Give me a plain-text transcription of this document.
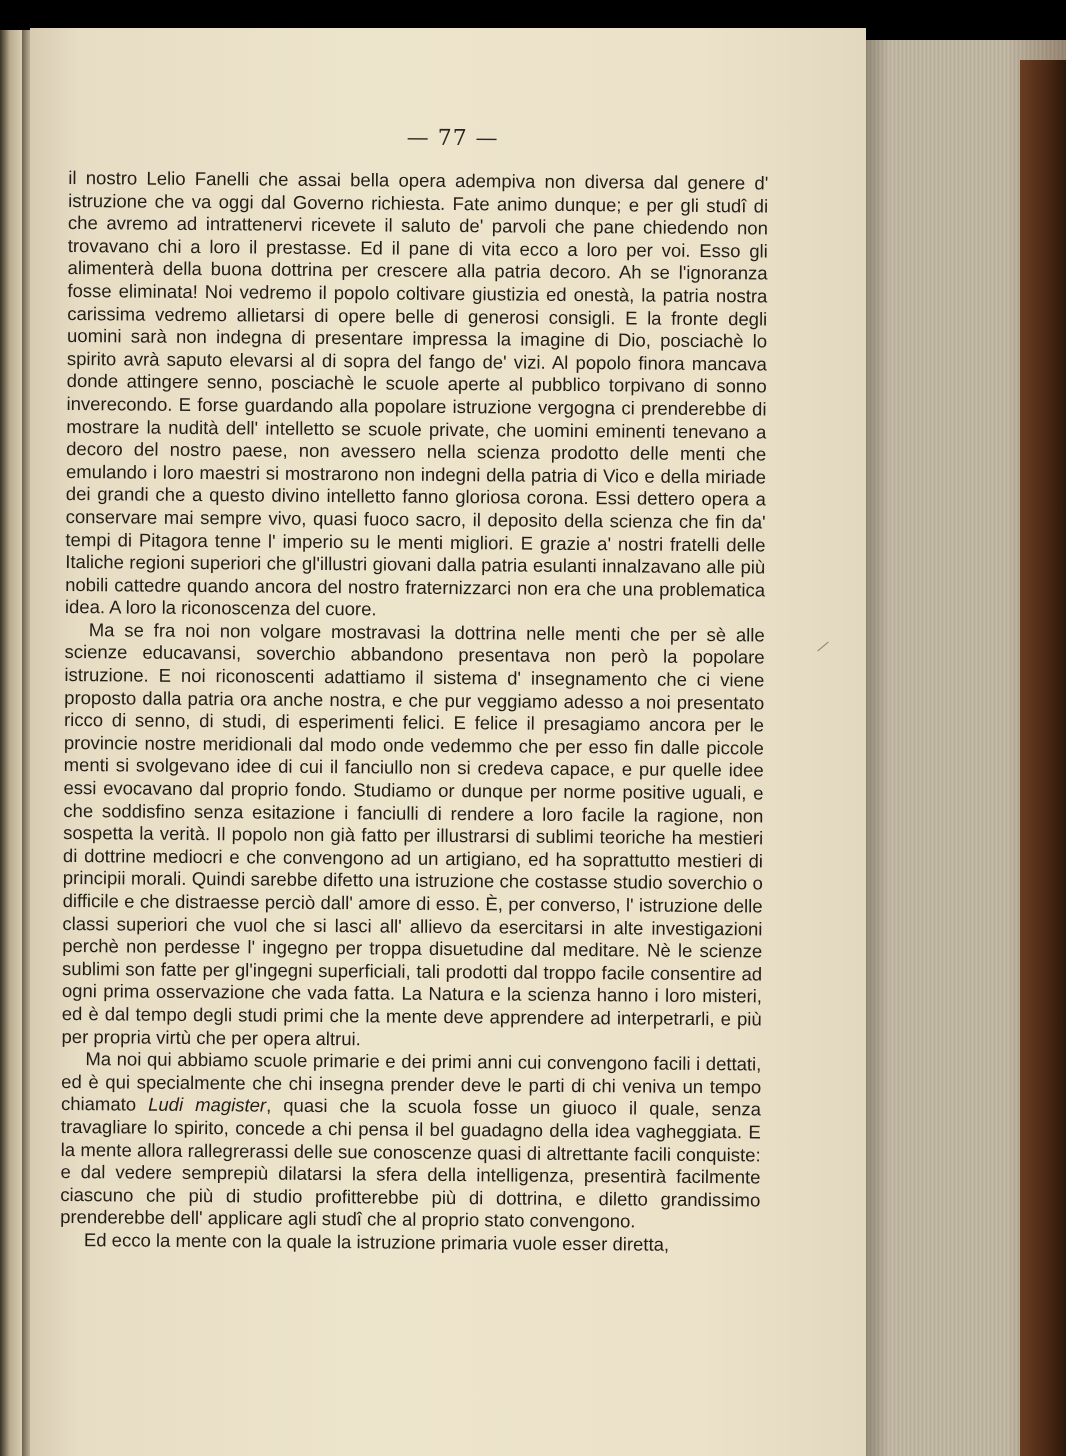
— 77 —

il nostro Lelio Fanelli che assai bella opera adempiva non diversa dal genere d' istruzione che va oggi dal Governo richiesta. Fate animo dunque; e per gli studî di che avremo ad intrattenervi ricevete il saluto de' parvoli che pane chiedendo non trovavano chi a loro il prestasse. Ed il pane di vita ecco a loro per voi. Esso gli alimenterà della buona dottrina per crescere alla patria decoro. Ah se l'ignoranza fosse eliminata! Noi vedremo il popolo coltivare giustizia ed onestà, la patria nostra carissima vedremo allietarsi di opere belle di generosi consigli. E la fronte degli uomini sarà non indegna di presentare impressa la imagine di Dio, posciachè lo spirito avrà saputo elevarsi al di sopra del fango de' vizi. Al popolo finora mancava donde attingere senno, posciachè le scuole aperte al pubblico torpivano di sonno inverecondo. E forse guardando alla popolare istruzione vergogna ci prenderebbe di mostrare la nudità dell' intelletto se scuole private, che uomini eminenti tenevano a decoro del nostro paese, non avessero nella scienza prodotto delle menti che emulando i loro maestri si mostrarono non indegni della patria di Vico e della miriade dei grandi che a questo divino intelletto fanno gloriosa corona. Essi dettero opera a conservare mai sempre vivo, quasi fuoco sacro, il deposito della scienza che fin da' tempi di Pitagora tenne l' imperio su le menti migliori. E grazie a' nostri fratelli delle Italiche regioni superiori che gl'illustri giovani dalla patria esulanti innalzavano alle più nobili cattedre quando ancora del nostro fraternizzarci non era che una problematica idea. A loro la riconoscenza del cuore.

Ma se fra noi non volgare mostravasi la dottrina nelle menti che per sè alle scienze educavansi, soverchio abbandono presentava non però la popolare istruzione. E noi riconoscenti adattiamo il sistema d' insegnamento che ci viene proposto dalla patria ora anche nostra, e che pur veggiamo adesso a noi presentato ricco di senno, di studi, di esperimenti felici. E felice il presagiamo ancora per le provincie nostre meridionali dal modo onde vedemmo che per esso fin dalle piccole menti si svolgevano idee di cui il fanciullo non si credeva capace, e pur quelle idee essi evocavano dal proprio fondo. Studiamo or dunque per norme positive uguali, e che soddisfino senza esitazione i fanciulli di rendere a loro facile la ragione, non sospetta la verità. Il popolo non già fatto per illustrarsi di sublimi teoriche ha mestieri di dottrine mediocri e che convengono ad un artigiano, ed ha soprattutto mestieri di principii morali. Quindi sarebbe difetto una istruzione che costasse studio soverchio o difficile e che distraesse perciò dall' amore di esso. È, per converso, l' istruzione delle classi superiori che vuol che si lasci all' allievo da esercitarsi in alte investigazioni perchè non perdesse l' ingegno per troppa disuetudine dal meditare. Nè le scienze sublimi son fatte per gl'ingegni superficiali, tali prodotti dal troppo facile consentire ad ogni prima osservazione che vada fatta. La Natura e la scienza hanno i loro misteri, ed è dal tempo degli studi primi che la mente deve apprendere ad interpetrarli, e più per propria virtù che per opera altrui.

Ma noi qui abbiamo scuole primarie e dei primi anni cui convengono facili i dettati, ed è qui specialmente che chi insegna prender deve le parti di chi veniva un tempo chiamato Ludi magister, quasi che la scuola fosse un giuoco il quale, senza travagliare lo spirito, concede a chi pensa il bel guadagno della idea vagheggiata. E la mente allora rallegrerassi delle sue conoscenze quasi di altrettante facili conquiste: e dal vedere semprepiù dilatarsi la sfera della intelligenza, presentirà facilmente ciascuno che più di studio profitterebbe più di dottrina, e diletto grandissimo prenderebbe dell' applicare agli studî che al proprio stato convengono.

Ed ecco la mente con la quale la istruzione primaria vuole esser diretta,
